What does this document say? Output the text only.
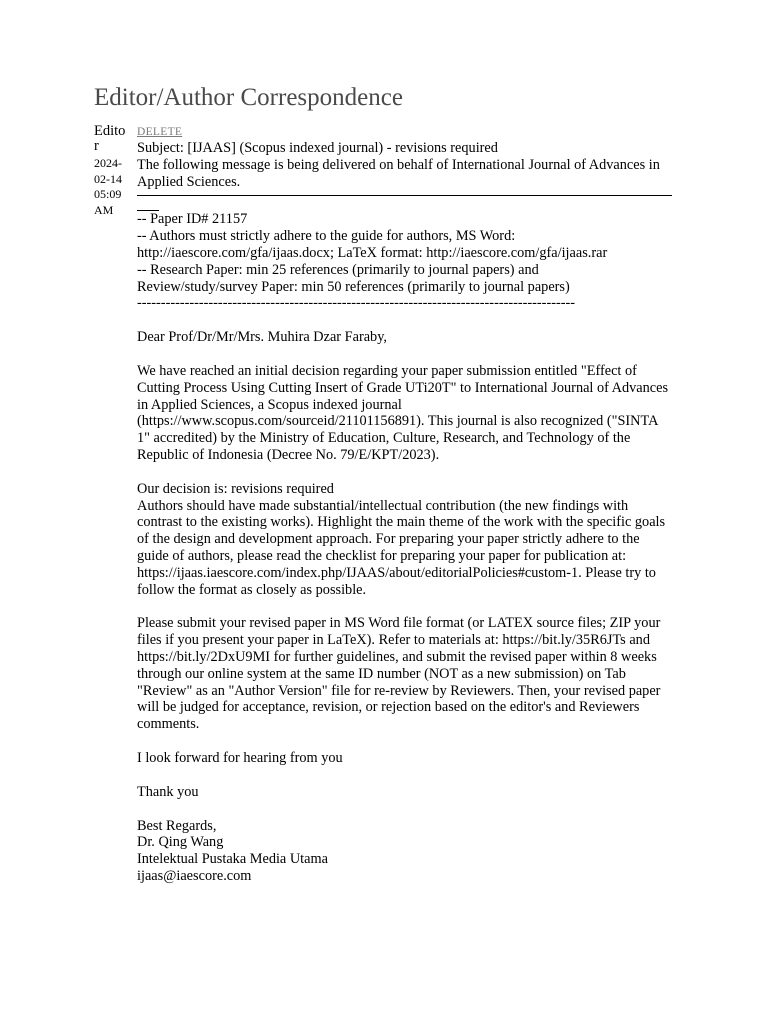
Editor/Author Correspondence
Editor
2024-02-14 05:09 AM
DELETE

Subject: [IJAAS] (Scopus indexed journal) - revisions required

The following message is being delivered on behalf of International Journal of Advances in Applied Sciences.

-- Paper ID# 21157

-- Authors must strictly adhere to the guide for authors, MS Word:

http://iaescore.com/gfa/ijaas.docx; LaTeX format: http://iaescore.com/gfa/ijaas.rar

-- Research Paper: min 25 references (primarily to journal papers) and

Review/study/survey Paper: min 50 references (primarily to journal papers)

--------------------------------------------------------------------------------------------

Dear Prof/Dr/Mr/Mrs. Muhira Dzar Faraby,

We have reached an initial decision regarding your paper submission entitled "Effect of Cutting Process Using Cutting Insert of Grade UTi20T" to International Journal of Advances in Applied Sciences, a Scopus indexed journal (https://www.scopus.com/sourceid/21101156891). This journal is also recognized ("SINTA 1" accredited) by the Ministry of Education, Culture, Research, and Technology of the Republic of Indonesia (Decree No. 79/E/KPT/2023).

Our decision is: revisions required

Authors should have made substantial/intellectual contribution (the new findings with contrast to the existing works). Highlight the main theme of the work with the specific goals of the design and development approach. For preparing your paper strictly adhere to the guide of authors, please read the checklist for preparing your paper for publication at: https://ijaas.iaescore.com/index.php/IJAAS/about/editorialPolicies#custom-1. Please try to follow the format as closely as possible.

Please submit your revised paper in MS Word file format (or LATEX source files; ZIP your files if you present your paper in LaTeX). Refer to materials at: https://bit.ly/35R6JTs and https://bit.ly/2DxU9MI for further guidelines, and submit the revised paper within 8 weeks through our online system at the same ID number (NOT as a new submission) on Tab "Review" as an "Author Version" file for re-review by Reviewers. Then, your revised paper will be judged for acceptance, revision, or rejection based on the editor's and Reviewers comments.

I look forward for hearing from you

Thank you

Best Regards,

Dr. Qing Wang

Intelektual Pustaka Media Utama

ijaas@iaescore.com
